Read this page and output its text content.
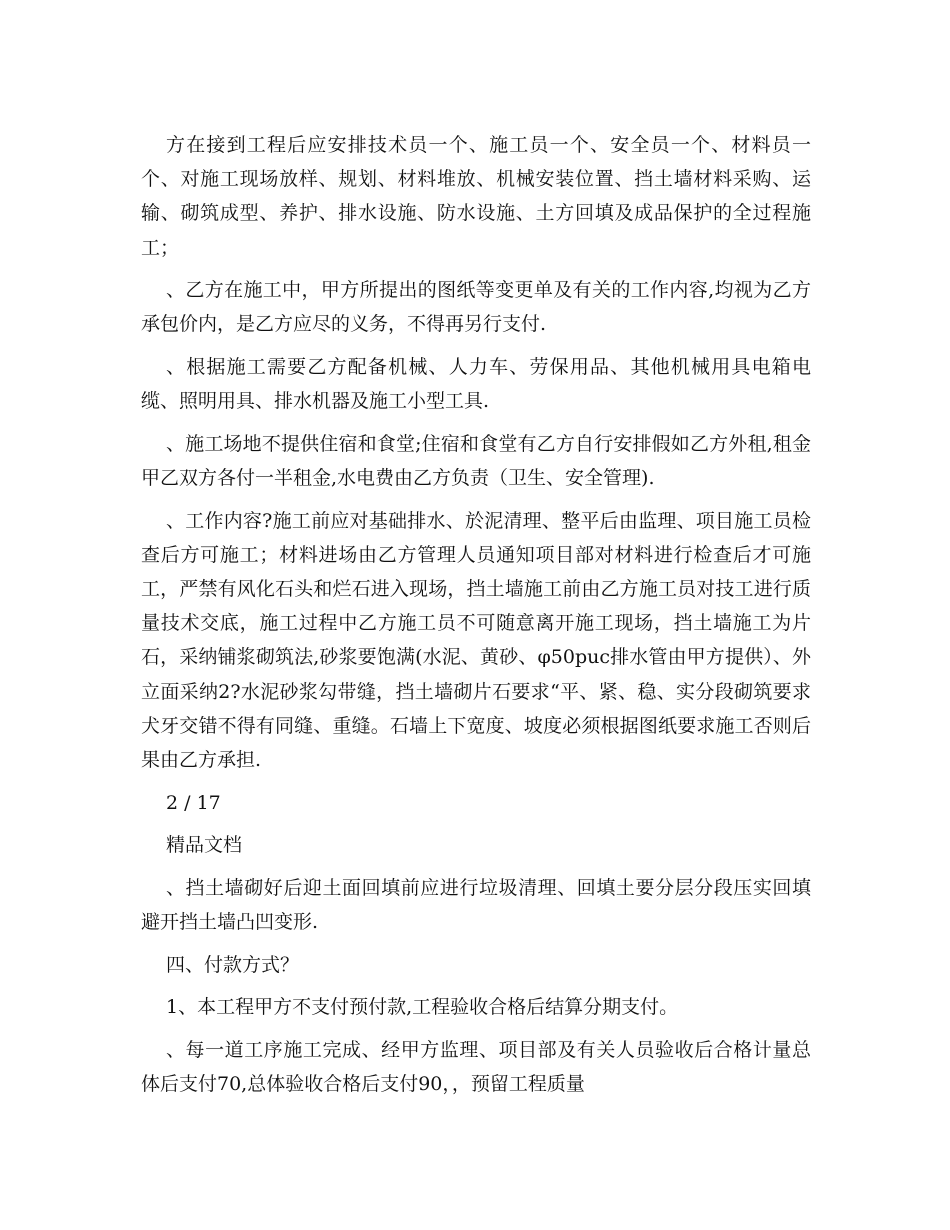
方在接到工程后应安排技术员一个、施工员一个、安全员一个、材料员一个、对施工现场放样、规划、材料堆放、机械安装位置、挡土墙材料采购、运输、砌筑成型、养护、排水设施、防水设施、土方回填及成品保护的全过程施工；

、乙方在施工中，甲方所提出的图纸等变更单及有关的工作内容,均视为乙方承包价内，是乙方应尽的义务，不得再另行支付.

、根据施工需要乙方配备机械、人力车、劳保用品、其他机械用具电箱电缆、照明用具、排水机器及施工小型工具.

、施工场地不提供住宿和食堂;住宿和食堂有乙方自行安排假如乙方外租,租金甲乙双方各付一半租金,水电费由乙方负责（卫生、安全管理).

、工作内容?施工前应对基础排水、於泥清理、整平后由监理、项目施工员检查后方可施工；材料进场由乙方管理人员通知项目部对材料进行检查后才可施工，严禁有风化石头和烂石进入现场，挡土墙施工前由乙方施工员对技工进行质量技术交底，施工过程中乙方施工员不可随意离开施工现场，挡土墙施工为片石，采纳铺浆砌筑法,砂浆要饱满(水泥、黄砂、φ50puc排水管由甲方提供）、外立面采纳2?水泥砂浆勾带缝，挡土墙砌片石要求“平、紧、稳、实分段砌筑要求犬牙交错不得有同缝、重缝。石墙上下宽度、坡度必须根据图纸要求施工否则后果由乙方承担.

2 / 17

精品文档

、挡土墙砌好后迎土面回填前应进行垃圾清理、回填土要分层分段压实回填避开挡土墙凸凹变形.

四、付款方式？

1、本工程甲方不支付预付款,工程验收合格后结算分期支付。

、每一道工序施工完成、经甲方监理、项目部及有关人员验收后合格计量总体后支付70,总体验收合格后支付90，，预留工程质量
